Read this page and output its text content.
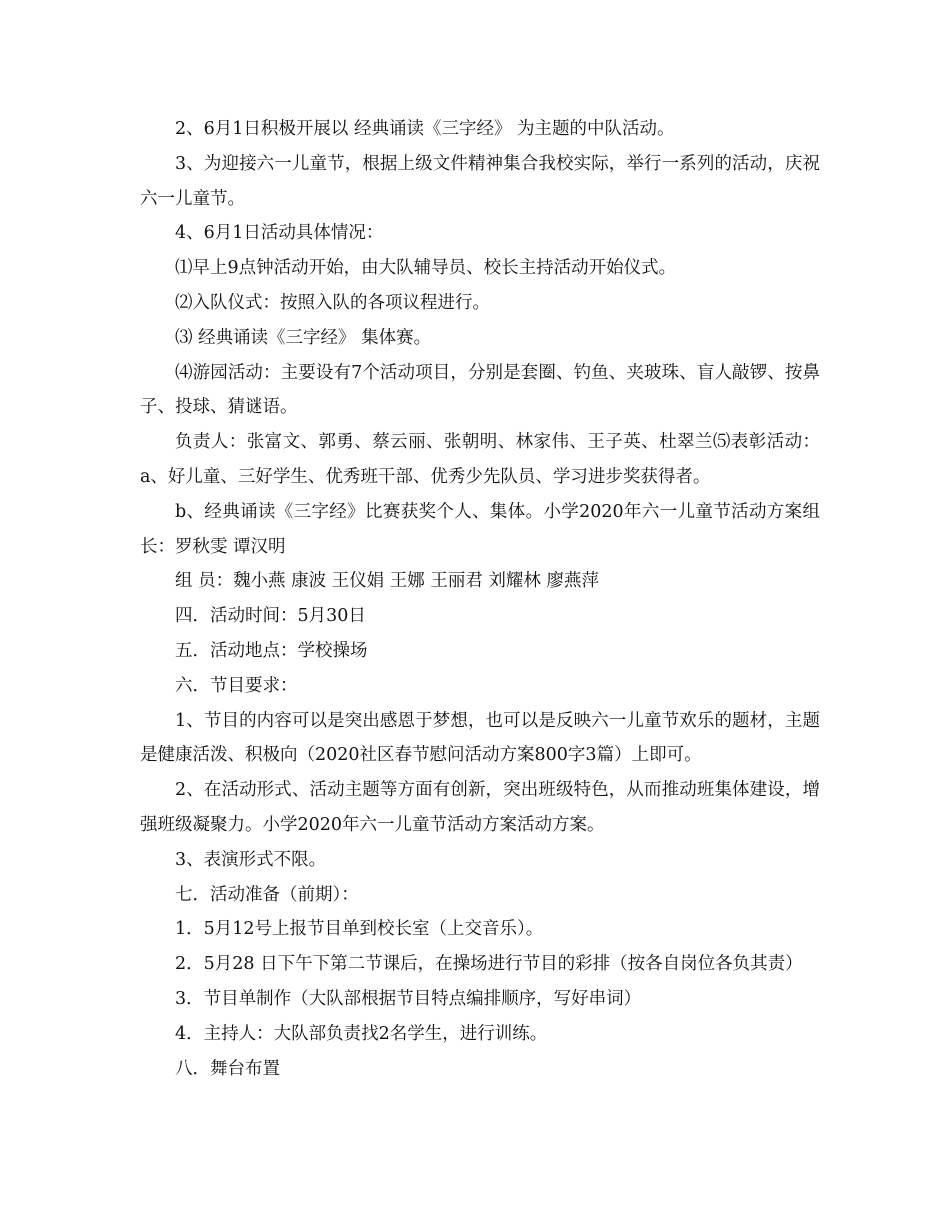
2、6月1日积极开展以 经典诵读《三字经》 为主题的中队活动。

3、为迎接六一儿童节，根据上级文件精神集合我校实际，举行一系列的活动，庆祝六一儿童节。

4、6月1日活动具体情况：

⑴早上9点钟活动开始，由大队辅导员、校长主持活动开始仪式。

⑵入队仪式：按照入队的各项议程进行。

⑶ 经典诵读《三字经》 集体赛。

⑷游园活动：主要设有7个活动项目，分别是套圈、钓鱼、夹玻珠、盲人敲锣、按鼻子、投球、猜谜语。

负责人：张富文、郭勇、蔡云丽、张朝明、林家伟、王子英、杜翠兰⑸表彰活动：a、好儿童、三好学生、优秀班干部、优秀少先队员、学习进步奖获得者。

b、经典诵读《三字经》比赛获奖个人、集体。小学2020年六一儿童节活动方案组 长：罗秋雯 谭汉明

组 员：魏小燕 康波 王仪娟 王娜 王丽君 刘耀林 廖燕萍

四．活动时间：5月30日

五．活动地点：学校操场

六．节目要求：

1、节目的内容可以是突出感恩于梦想，也可以是反映六一儿童节欢乐的题材，主题是健康活泼、积极向（2020社区春节慰问活动方案800字3篇）上即可。

2、在活动形式、活动主题等方面有创新，突出班级特色，从而推动班集体建设，增强班级凝聚力。小学2020年六一儿童节活动方案活动方案。

3、表演形式不限。

七．活动准备（前期）：

1．5月12号上报节目单到校长室（上交音乐）。

2．5月28 日下午下第二节课后，在操场进行节目的彩排（按各自岗位各负其责）

3．节目单制作（大队部根据节目特点编排顺序，写好串词）

4．主持人：大队部负责找2名学生，进行训练。

八．舞台布置
